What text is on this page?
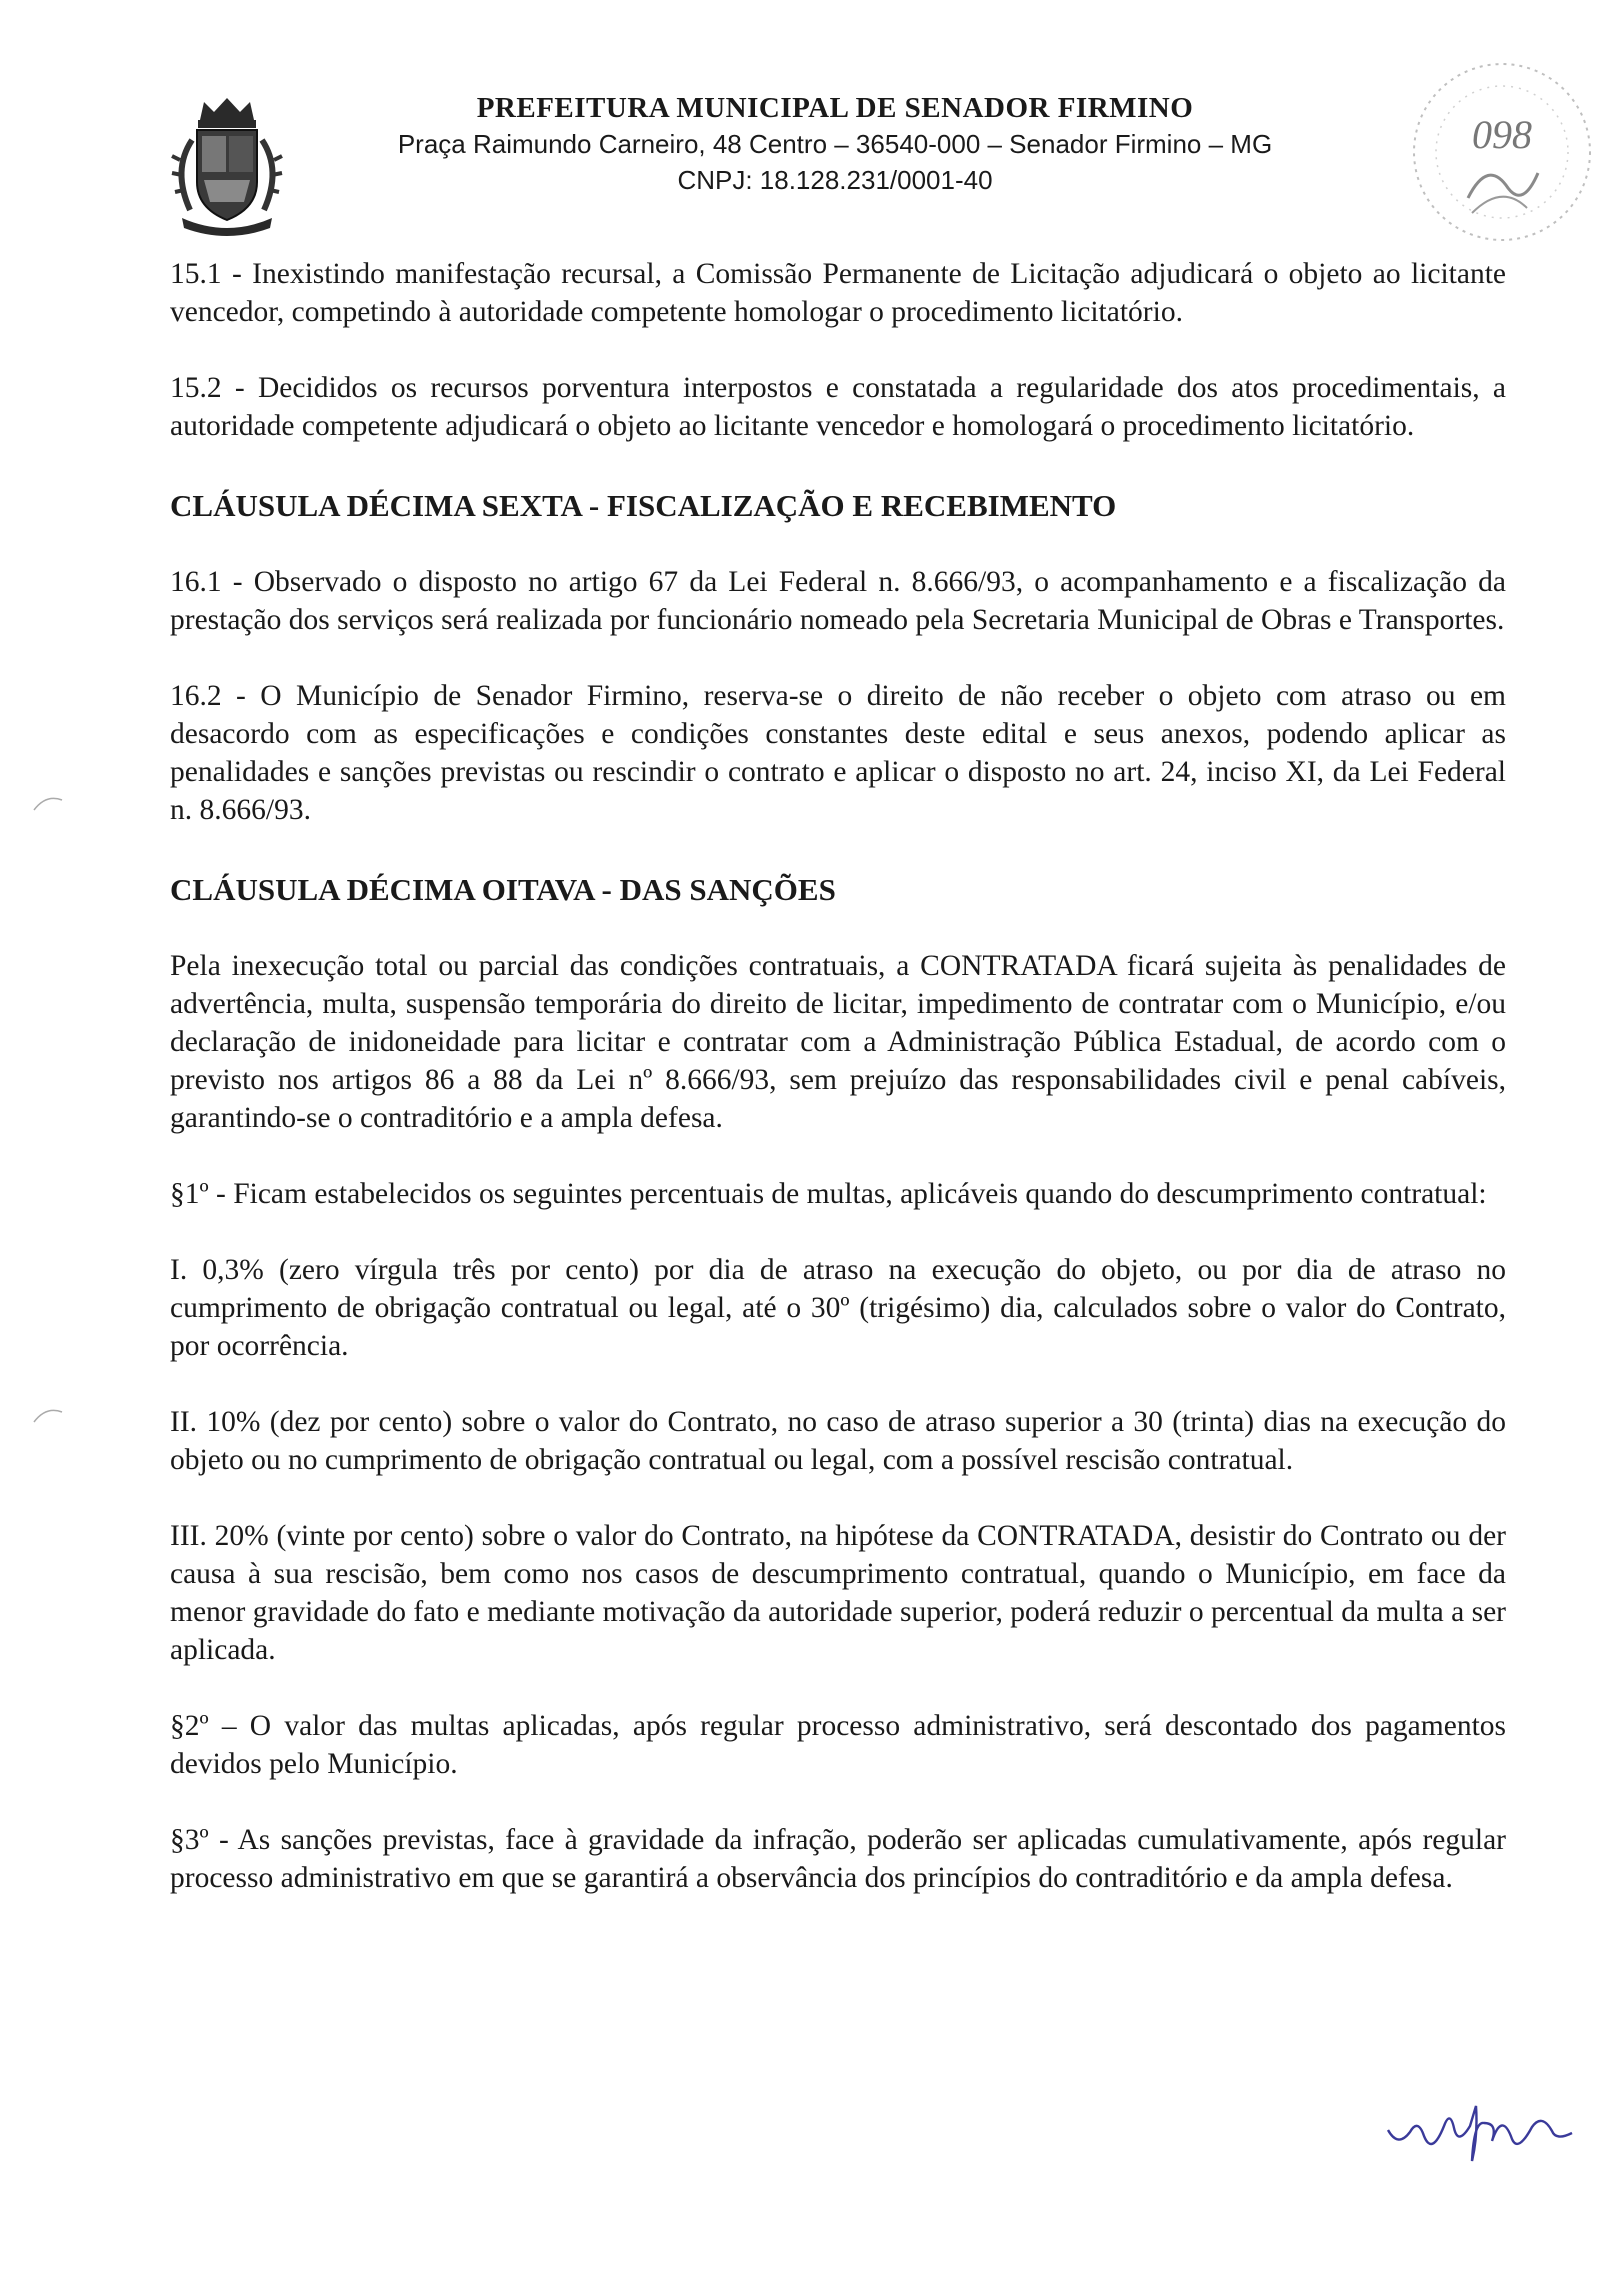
PREFEITURA MUNICIPAL DE SENADOR FIRMINO
Praça Raimundo Carneiro, 48 Centro – 36540-000 – Senador Firmino – MG
CNPJ: 18.128.231/0001-40
098

15.1 - Inexistindo manifestação recursal, a Comissão Permanente de Licitação adjudicará o objeto ao licitante vencedor, competindo à autoridade competente homologar o procedimento licitatório.

15.2 - Decididos os recursos porventura interpostos e constatada a regularidade dos atos procedimentais, a autoridade competente adjudicará o objeto ao licitante vencedor e homologará o procedimento licitatório.

CLÁUSULA DÉCIMA SEXTA - FISCALIZAÇÃO E RECEBIMENTO

16.1 - Observado o disposto no artigo 67 da Lei Federal n. 8.666/93, o acompanhamento e a fiscalização da prestação dos serviços será realizada por funcionário nomeado pela Secretaria Municipal de Obras e Transportes.

16.2 - O Município de Senador Firmino, reserva-se o direito de não receber o objeto com atraso ou em desacordo com as especificações e condições constantes deste edital e seus anexos, podendo aplicar as penalidades e sanções previstas ou rescindir o contrato e aplicar o disposto no art. 24, inciso XI, da Lei Federal n. 8.666/93.

CLÁUSULA DÉCIMA OITAVA - DAS SANÇÕES

Pela inexecução total ou parcial das condições contratuais, a CONTRATADA ficará sujeita às penalidades de advertência, multa, suspensão temporária do direito de licitar, impedimento de contratar com o Município, e/ou declaração de inidoneidade para licitar e contratar com a Administração Pública Estadual, de acordo com o previsto nos artigos 86 a 88 da Lei nº 8.666/93, sem prejuízo das responsabilidades civil e penal cabíveis, garantindo-se o contraditório e a ampla defesa.

§1º - Ficam estabelecidos os seguintes percentuais de multas, aplicáveis quando do descumprimento contratual:

I. 0,3% (zero vírgula três por cento) por dia de atraso na execução do objeto, ou por dia de atraso no cumprimento de obrigação contratual ou legal, até o 30º (trigésimo) dia, calculados sobre o valor do Contrato, por ocorrência.

II. 10% (dez por cento) sobre o valor do Contrato, no caso de atraso superior a 30 (trinta) dias na execução do objeto ou no cumprimento de obrigação contratual ou legal, com a possível rescisão contratual.

III. 20% (vinte por cento) sobre o valor do Contrato, na hipótese da CONTRATADA, desistir do Contrato ou der causa à sua rescisão, bem como nos casos de descumprimento contratual, quando o Município, em face da menor gravidade do fato e mediante motivação da autoridade superior, poderá reduzir o percentual da multa a ser aplicada.

§2º – O valor das multas aplicadas, após regular processo administrativo, será descontado dos pagamentos devidos pelo Município.

§3º - As sanções previstas, face à gravidade da infração, poderão ser aplicadas cumulativamente, após regular processo administrativo em que se garantirá a observância dos princípios do contraditório e da ampla defesa.
